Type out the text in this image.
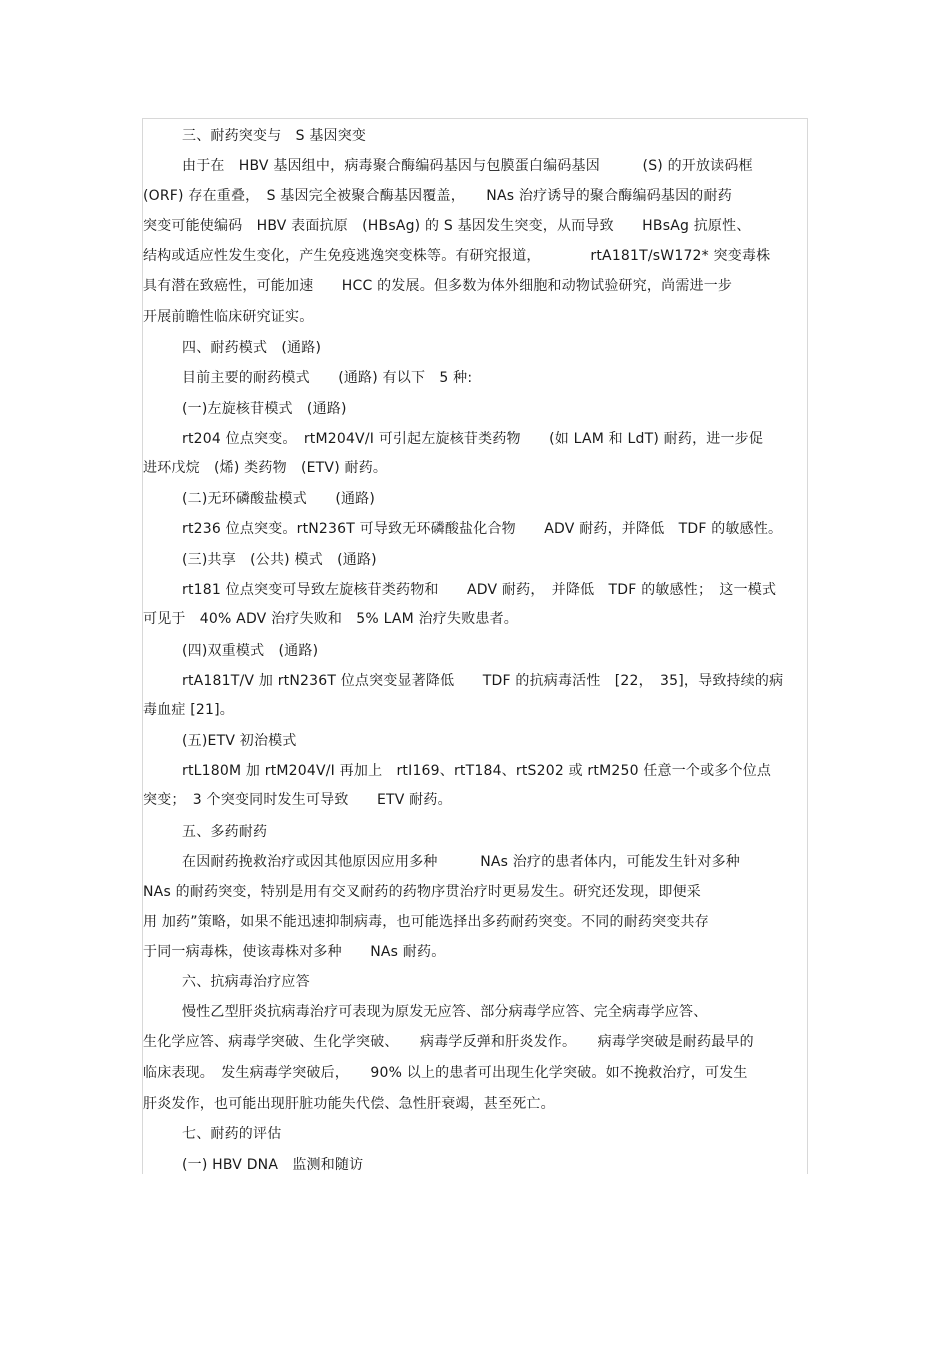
三、耐药突变与　S 基因突变
由于在　HBV 基因组中，病毒聚合酶编码基因与包膜蛋白编码基因　　　(S) 的开放读码框
(ORF) 存在重叠，　S 基因完全被聚合酶基因覆盖，　　NAs 治疗诱导的聚合酶编码基因的耐药
突变可能使编码　HBV 表面抗原　(HBsAg) 的 S 基因发生突变，从而导致　　HBsAg 抗原性、
结构或适应性发生变化，产生免疫逃逸突变株等。有研究报道，　　　　rtA181T/sW172* 突变毒株
具有潜在致癌性，可能加速　　HCC 的发展。但多数为体外细胞和动物试验研究，尚需进一步
开展前瞻性临床研究证实。
四、耐药模式　(通路)
目前主要的耐药模式　　(通路) 有以下　5 种:
(一)左旋核苷模式　(通路)
rt204 位点突变。　rtM204V/I 可引起左旋核苷类药物　　(如 LAM 和 LdT) 耐药，进一步促
进环戊烷　(烯) 类药物　(ETV) 耐药。
(二)无环磷酸盐模式　　(通路)
rt236 位点突变。rtN236T 可导致无环磷酸盐化合物　　ADV 耐药，并降低　TDF 的敏感性。
(三)共享　(公共) 模式　(通路)
rt181 位点突变可导致左旋核苷类药物和　　ADV 耐药，　并降低　TDF 的敏感性；　这一模式
可见于　40% ADV 治疗失败和　5% LAM 治疗失败患者。
(四)双重模式　(通路)
rtA181T/V 加 rtN236T 位点突变显著降低　　TDF 的抗病毒活性　[22，　35]，导致持续的病
毒血症 [21]。
(五)ETV 初治模式
rtL180M 加 rtM204V/I 再加上　rtI169、rtT184、rtS202 或 rtM250 任意一个或多个位点
突变；　3 个突变同时发生可导致　　ETV 耐药。
五、多药耐药
在因耐药挽救治疗或因其他原因应用多种　　　NAs 治疗的患者体内，可能发生针对多种
NAs 的耐药突变，特别是用有交叉耐药的药物序贯治疗时更易发生。研究还发现，即便采
用 加药”策略，如果不能迅速抑制病毒，也可能选择出多药耐药突变。不同的耐药突变共存
于同一病毒株，使该毒株对多种　　NAs 耐药。
六、抗病毒治疗应答
慢性乙型肝炎抗病毒治疗可表现为原发无应答、部分病毒学应答、完全病毒学应答、
生化学应答、病毒学突破、生化学突破、　　病毒学反弹和肝炎发作。　　病毒学突破是耐药最早的
临床表现。　发生病毒学突破后，　　90% 以上的患者可出现生化学突破。如不挽救治疗，可发生
肝炎发作，也可能出现肝脏功能失代偿、急性肝衰竭，甚至死亡。
七、耐药的评估
(一) HBV DNA　监测和随访
